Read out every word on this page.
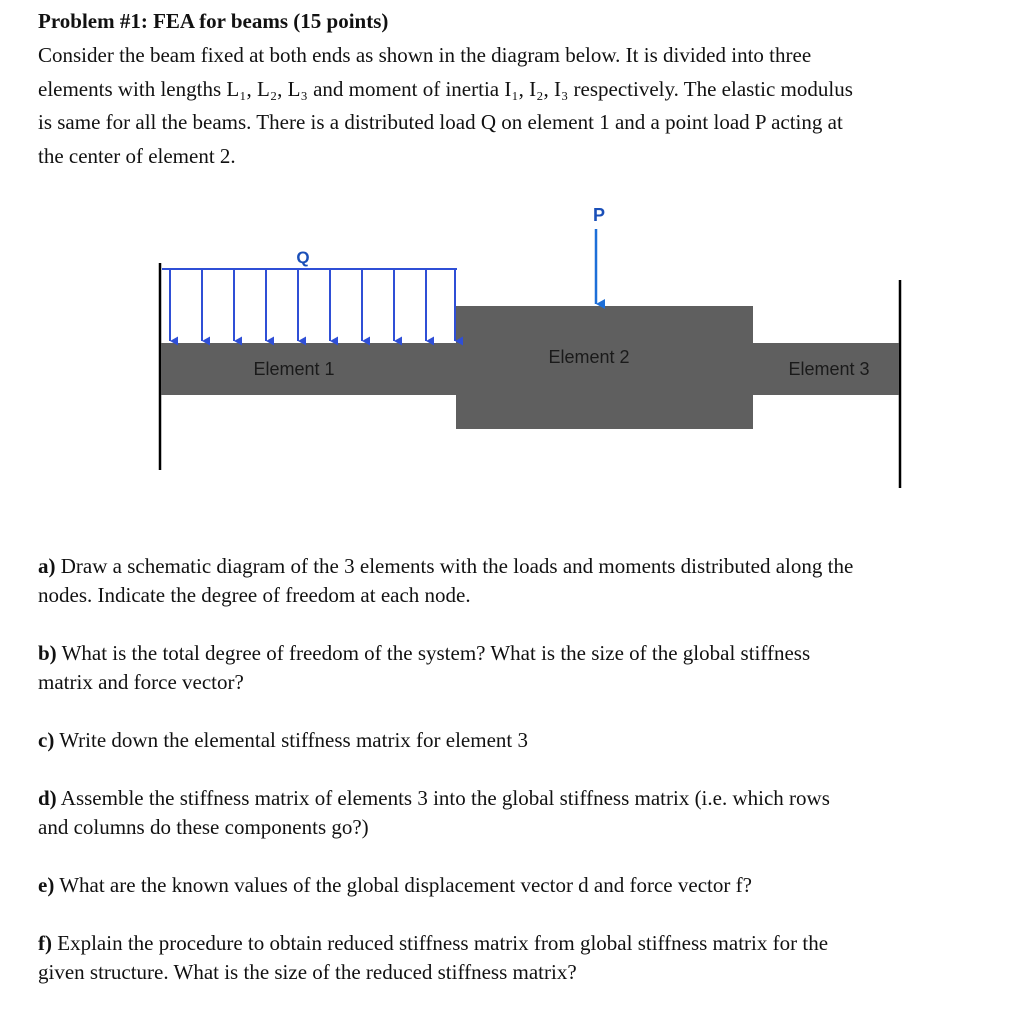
Problem #1: FEA for beams (15 points)

Consider the beam fixed at both ends as shown in the diagram below. It is divided into three
elements with lengths L₁, L₂, L₃ and moment of inertia I₁, I₂, I₃ respectively. The elastic modulus
is same for all the beams. There is a distributed load Q on element 1 and a point load P acting at
the center of element 2.

Q
P
Element 1
Element 2
Element 3

a) Draw a schematic diagram of the 3 elements with the loads and moments distributed along the
nodes. Indicate the degree of freedom at each node.

b) What is the total degree of freedom of the system? What is the size of the global stiffness
matrix and force vector?

c) Write down the elemental stiffness matrix for element 3

d) Assemble the stiffness matrix of elements 3 into the global stiffness matrix (i.e. which rows
and columns do these components go?)

e) What are the known values of the global displacement vector d and force vector f?

f) Explain the procedure to obtain reduced stiffness matrix from global stiffness matrix for the
given structure. What is the size of the reduced stiffness matrix?
